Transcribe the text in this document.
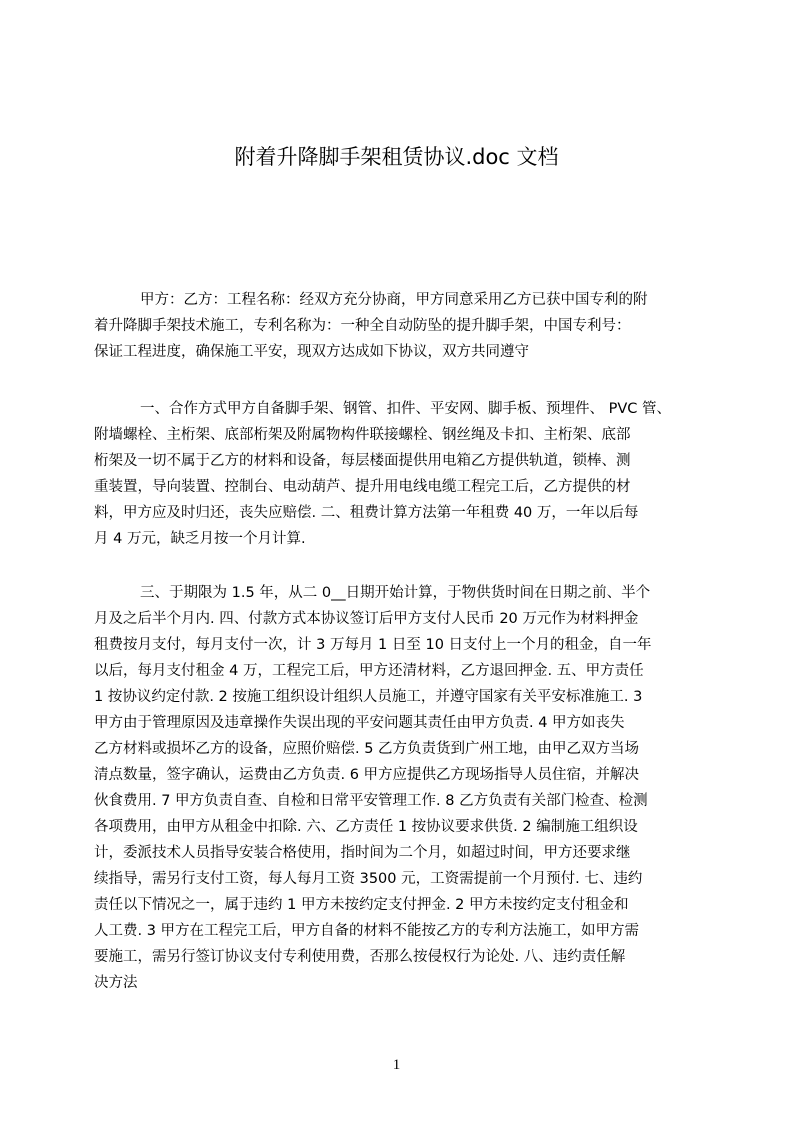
附着升降脚手架租赁协议.doc 文档
甲方：乙方：工程名称：经双方充分协商，甲方同意采用乙方已获中国专利的附
着升降脚手架技术施工，专利名称为：一种全自动防坠的提升脚手架，中国专利号：
保证工程进度，确保施工平安，现双方达成如下协议，双方共同遵守
一、合作方式甲方自备脚手架、钢管、扣件、平安网、脚手板、预埋件、 PVC 管、
附墙螺栓、主桁架、底部桁架及附属物构件联接螺栓、钢丝绳及卡扣、主桁架、底部
桁架及一切不属于乙方的材料和设备，每层楼面提供用电箱乙方提供轨道，锁棒、测
重装置，导向装置、控制台、电动葫芦、提升用电线电缆工程完工后，乙方提供的材
料，甲方应及时归还，丧失应赔偿. 二、租费计算方法第一年租费 40 万，一年以后每
月 4 万元，缺乏月按一个月计算.
三、于期限为 1.5 年，从二 0__日期开始计算，于物供货时间在日期之前、半个
月及之后半个月内. 四、付款方式本协议签订后甲方支付人民币 20 万元作为材料押金
租费按月支付，每月支付一次，计 3 万每月 1 日至 10 日支付上一个月的租金，自一年
以后，每月支付租金 4 万，工程完工后，甲方还清材料，乙方退回押金. 五、甲方责任
1 按协议约定付款. 2 按施工组织设计组织人员施工，并遵守国家有关平安标准施工. 3
甲方由于管理原因及违章操作失误出现的平安问题其责任由甲方负责. 4 甲方如丧失
乙方材料或损坏乙方的设备，应照价赔偿. 5 乙方负责货到广州工地，由甲乙双方当场
清点数量，签字确认，运费由乙方负责. 6 甲方应提供乙方现场指导人员住宿，并解决
伙食费用. 7 甲方负责自查、自检和日常平安管理工作. 8 乙方负责有关部门检查、检测
各项费用，由甲方从租金中扣除. 六、乙方责任 1 按协议要求供货. 2 编制施工组织设
计，委派技术人员指导安装合格使用，指时间为二个月，如超过时间，甲方还要求继
续指导，需另行支付工资，每人每月工资 3500 元，工资需提前一个月预付. 七、违约
责任以下情况之一，属于违约 1 甲方未按约定支付押金. 2 甲方未按约定支付租金和
人工费. 3 甲方在工程完工后，甲方自备的材料不能按乙方的专利方法施工，如甲方需
要施工，需另行签订协议支付专利使用费，否那么按侵权行为论处. 八、违约责任解
决方法
1
